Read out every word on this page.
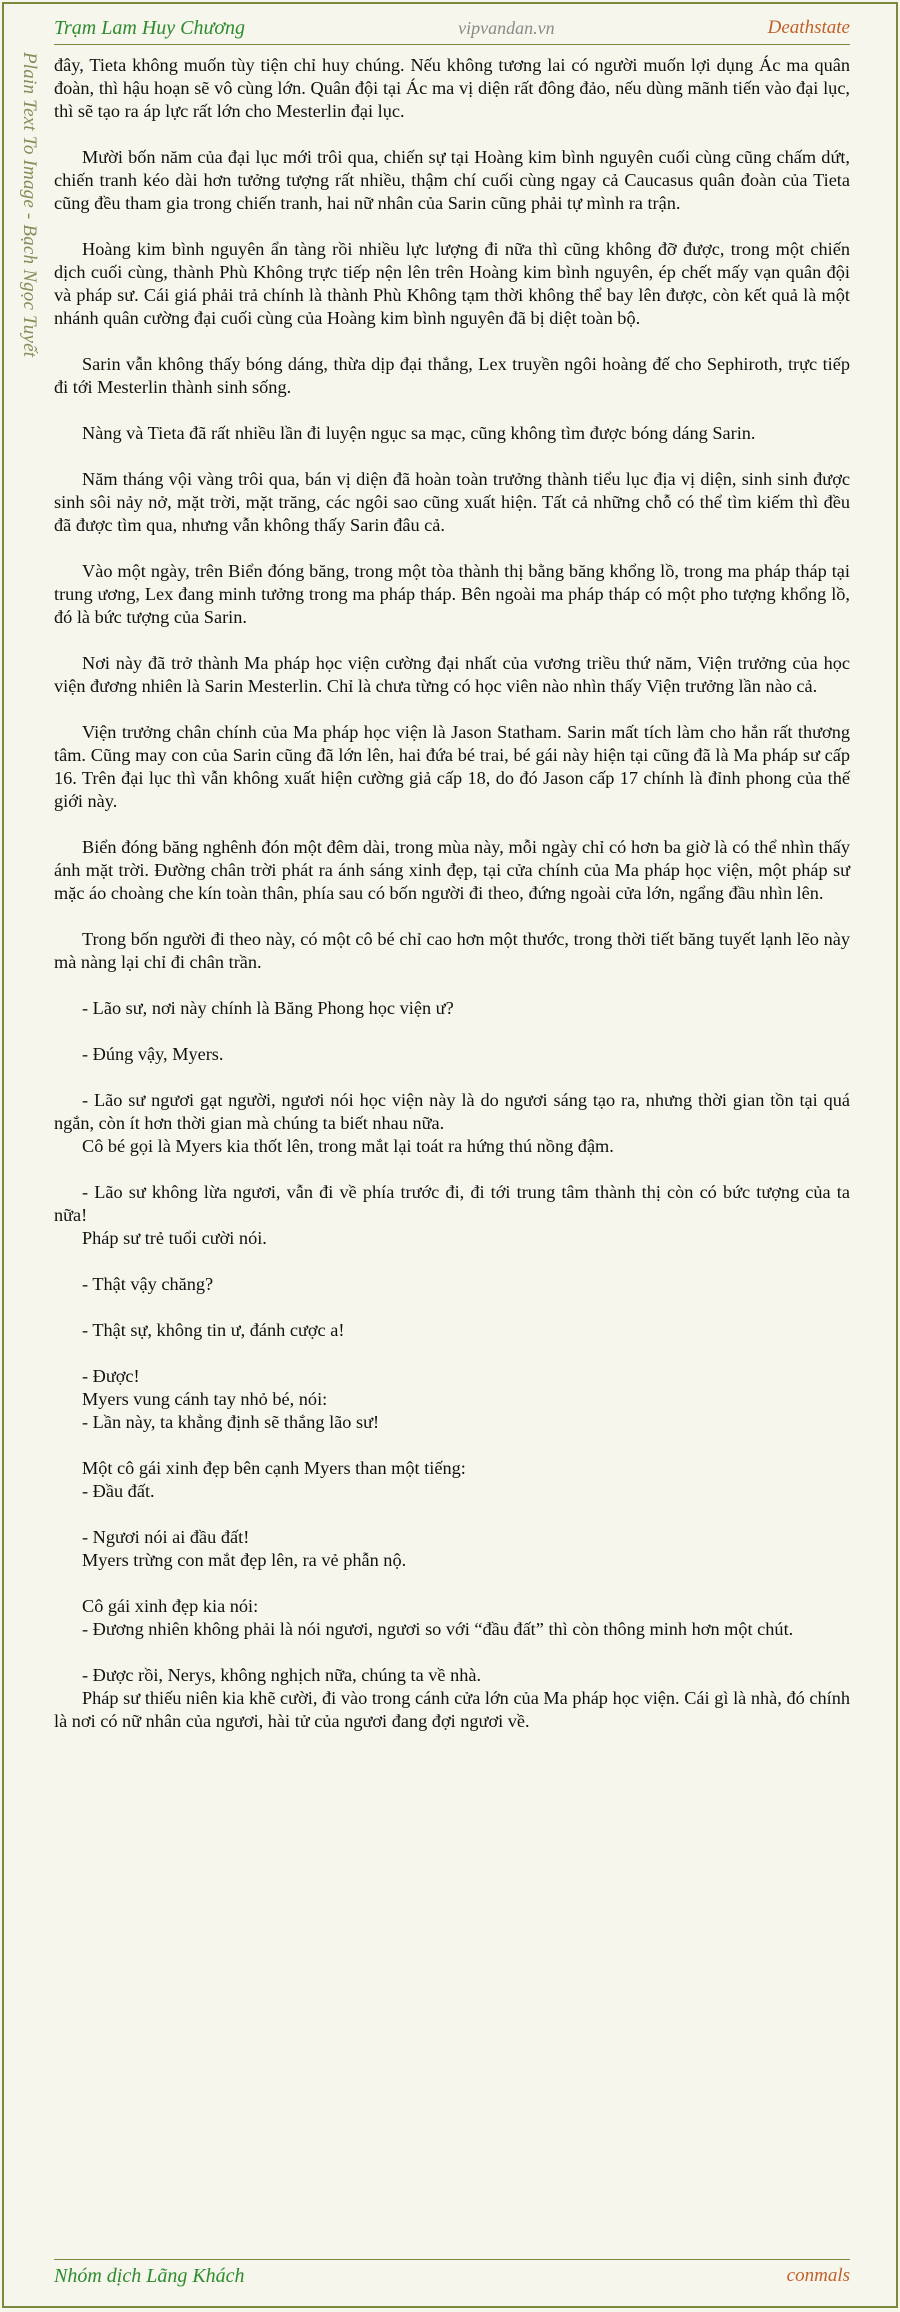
Trạm Lam Huy Chương	vipvandan.vn	Deathstate
Plain Text To Image - Bạch Ngọc Tuyết đây, Tieta không muốn tùy tiện chỉ huy chúng. Nếu không tương lai có người muốn lợi dụng Ác ma quân đoàn, thì hậu hoạn sẽ vô cùng lớn. Quân đội tại Ác ma vị diện rất đông đảo, nếu dùng mãnh tiến vào đại lục, thì sẽ tạo ra áp lực rất lớn cho Mesterlin đại lục.

Mười bốn năm của đại lục mới trôi qua, chiến sự tại Hoàng kim bình nguyên cuối cùng cũng chấm dứt, chiến tranh kéo dài hơn tưởng tượng rất nhiều, thậm chí cuối cùng ngay cả Caucasus quân đoàn của Tieta cũng đều tham gia trong chiến tranh, hai nữ nhân của Sarin cũng phải tự mình ra trận.

Hoàng kim bình nguyên ẩn tàng rồi nhiều lực lượng đi nữa thì cũng không đỡ được, trong một chiến dịch cuối cùng, thành Phù Không trực tiếp nện lên trên Hoàng kim bình nguyên, ép chết mấy vạn quân đội và pháp sư. Cái giá phải trả chính là thành Phù Không tạm thời không thể bay lên được, còn kết quả là một nhánh quân cường đại cuối cùng của Hoàng kim bình nguyên đã bị diệt toàn bộ.

Sarin vẫn không thấy bóng dáng, thừa dịp đại thắng, Lex truyền ngôi hoàng đế cho Sephiroth, trực tiếp đi tới Mesterlin thành sinh sống.

Nàng và Tieta đã rất nhiều lần đi luyện ngục sa mạc, cũng không tìm được bóng dáng Sarin.

Năm tháng vội vàng trôi qua, bán vị diện đã hoàn toàn trưởng thành tiểu lục địa vị diện, sinh sinh được sinh sôi nảy nở, mặt trời, mặt trăng, các ngôi sao cũng xuất hiện. Tất cả những chỗ có thể tìm kiếm thì đều đã được tìm qua, nhưng vẫn không thấy Sarin đâu cả.

Vào một ngày, trên Biển đóng băng, trong một tòa thành thị bằng băng khổng lồ, trong ma pháp tháp tại trung ương, Lex đang minh tưởng trong ma pháp tháp. Bên ngoài ma pháp tháp có một pho tượng khổng lồ, đó là bức tượng của Sarin.

Nơi này đã trở thành Ma pháp học viện cường đại nhất của vương triều thứ năm, Viện trưởng của học viện đương nhiên là Sarin Mesterlin. Chỉ là chưa từng có học viên nào nhìn thấy Viện trưởng lần nào cả.

Viện trưởng chân chính của Ma pháp học viện là Jason Statham. Sarin mất tích làm cho hắn rất thương tâm. Cũng may con của Sarin cũng đã lớn lên, hai đứa bé trai, bé gái này hiện tại cũng đã là Ma pháp sư cấp 16. Trên đại lục thì vẫn không xuất hiện cường giả cấp 18, do đó Jason cấp 17 chính là đỉnh phong của thế giới này.

Biển đóng băng nghênh đón một đêm dài, trong mùa này, mỗi ngày chỉ có hơn ba giờ là có thể nhìn thấy ánh mặt trời. Đường chân trời phát ra ánh sáng xinh đẹp, tại cửa chính của Ma pháp học viện, một pháp sư mặc áo choàng che kín toàn thân, phía sau có bốn người đi theo, đứng ngoài cửa lớn, ngẩng đầu nhìn lên.

Trong bốn người đi theo này, có một cô bé chỉ cao hơn một thước, trong thời tiết băng tuyết lạnh lẽo này mà nàng lại chỉ đi chân trần.

- Lão sư, nơi này chính là Băng Phong học viện ư?

- Đúng vậy, Myers.

- Lão sư ngươi gạt người, ngươi nói học viện này là do ngươi sáng tạo ra, nhưng thời gian tồn tại quá ngắn, còn ít hơn thời gian mà chúng ta biết nhau nữa.

Cô bé gọi là Myers kia thốt lên, trong mắt lại toát ra hứng thú nồng đậm.

- Lão sư không lừa ngươi, vẫn đi về phía trước đi, đi tới trung tâm thành thị còn có bức tượng của ta nữa!

Pháp sư trẻ tuổi cười nói.

- Thật vậy chăng?

- Thật sự, không tin ư, đánh cược a!

- Được!

Myers vung cánh tay nhỏ bé, nói:

- Lần này, ta khẳng định sẽ thắng lão sư!

Một cô gái xinh đẹp bên cạnh Myers than một tiếng:

- Đầu đất.

- Ngươi nói ai đầu đất!

Myers trừng con mắt đẹp lên, ra vẻ phẫn nộ.

Cô gái xinh đẹp kia nói:

- Đương nhiên không phải là nói ngươi, ngươi so với “đầu đất” thì còn thông minh hơn một chút.

- Được rồi, Nerys, không nghịch nữa, chúng ta về nhà.

Pháp sư thiếu niên kia khẽ cười, đi vào trong cánh cửa lớn của Ma pháp học viện. Cái gì là nhà, đó chính là nơi có nữ nhân của ngươi, hài tử của ngươi đang đợi ngươi về.

Nhóm dịch Lãng Khách	conmals
